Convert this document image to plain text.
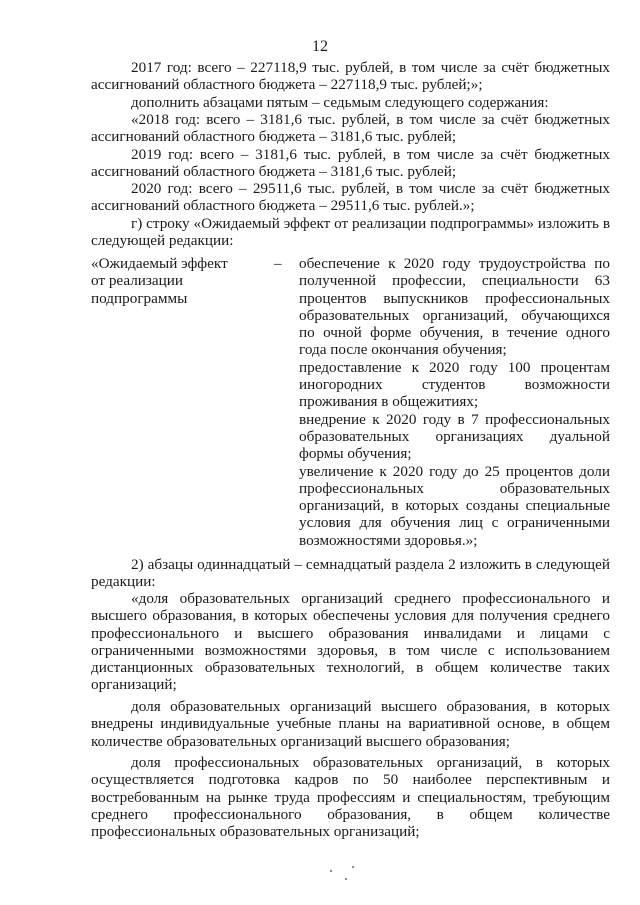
12

2017 год: всего – 227118,9 тыс. рублей, в том числе за счёт бюджетных ассигнований областного бюджета – 227118,9 тыс. рублей;»;

дополнить абзацами пятым – седьмым следующего содержания:

«2018 год: всего – 3181,6 тыс. рублей, в том числе за счёт бюджетных ассигнований областного бюджета – 3181,6 тыс. рублей;

2019 год: всего – 3181,6 тыс. рублей, в том числе за счёт бюджетных ассигнований областного бюджета – 3181,6 тыс. рублей;

2020 год: всего – 29511,6 тыс. рублей, в том числе за счёт бюджетных ассигнований областного бюджета – 29511,6 тыс. рублей.»;

г) строку «Ожидаемый эффект от реализации подпрограммы» изложить в следующей редакции:

«Ожидаемый эффект от реализации подпрограммы
– обеспечение к 2020 году трудоустройства по полученной профессии, специальности 63 процентов выпускников профессиональных образовательных организаций, обучающихся по очной форме обучения, в течение одного года после окончания обучения;

предоставление к 2020 году 100 процентам иногородних студентов возможности проживания в общежитиях;

внедрение к 2020 году в 7 профессиональных образовательных организациях дуальной формы обучения;

увеличение к 2020 году до 25 процентов доли профессиональных образовательных организаций, в которых созданы специальные условия для обучения лиц с ограниченными возможностями здоровья.»;

2) абзацы одиннадцатый – семнадцатый раздела 2 изложить в следующей редакции:

«доля образовательных организаций среднего профессионального и высшего образования, в которых обеспечены условия для получения среднего профессионального и высшего образования инвалидами и лицами с ограниченными возможностями здоровья, в том числе с использованием дистанционных образовательных технологий, в общем количестве таких организаций;

доля образовательных организаций высшего образования, в которых внедрены индивидуальные учебные планы на вариативной основе, в общем количестве образовательных организаций высшего образования;

доля профессиональных образовательных организаций, в которых осуществляется подготовка кадров по 50 наиболее перспективным и востребованным на рынке труда профессиям и специальностям, требующим среднего профессионального образования, в общем количестве профессиональных образовательных организаций;
